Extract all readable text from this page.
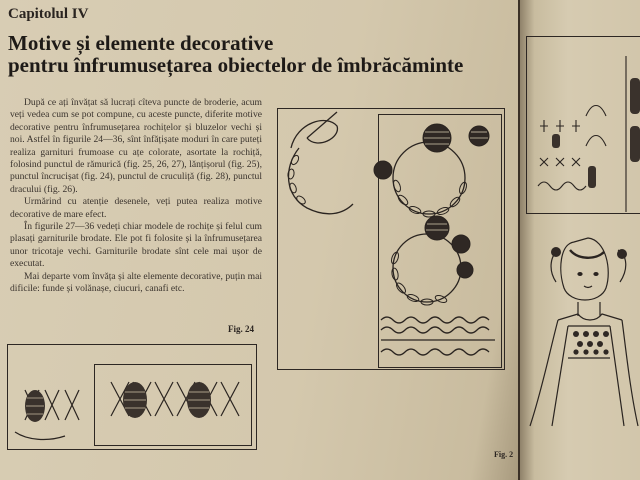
Capitolul IV
Motive și elemente decorative
pentru înfrumusețarea obiectelor de îmbrăcăminte

După ce ați învățat să lucrați cîteva puncte de broderie, acum veți vedea cum se pot compune, cu aceste puncte, diferite motive decorative pentru înfrumusețarea rochițelor și bluzelor vechi și noi. Astfel în figurile 24—36, sînt înfățișate moduri în care puteți realiza garnituri frumoase cu ațe colorate, asortate la rochiță, folosind punctul de rămurică (fig. 25, 26, 27), lănțișorul (fig. 25), punctul încrucișat (fig. 24), punctul de cruculiță (fig. 28), punctul dracului (fig. 26).

Urmărind cu atenție desenele, veți putea realiza motive decorative de mare efect.

În figurile 27—36 vedeți chiar modele de rochițe și felul cum plasați garniturile brodate. Ele pot fi folosite și la înfrumusețarea unor tricotaje vechi. Garniturile brodate sînt cele mai ușor de executat.

Mai departe vom învăța și alte elemente decorative, puțin mai dificile: funde și volănașe, ciucuri, canafi etc.

Fig. 24
Fig. 2
